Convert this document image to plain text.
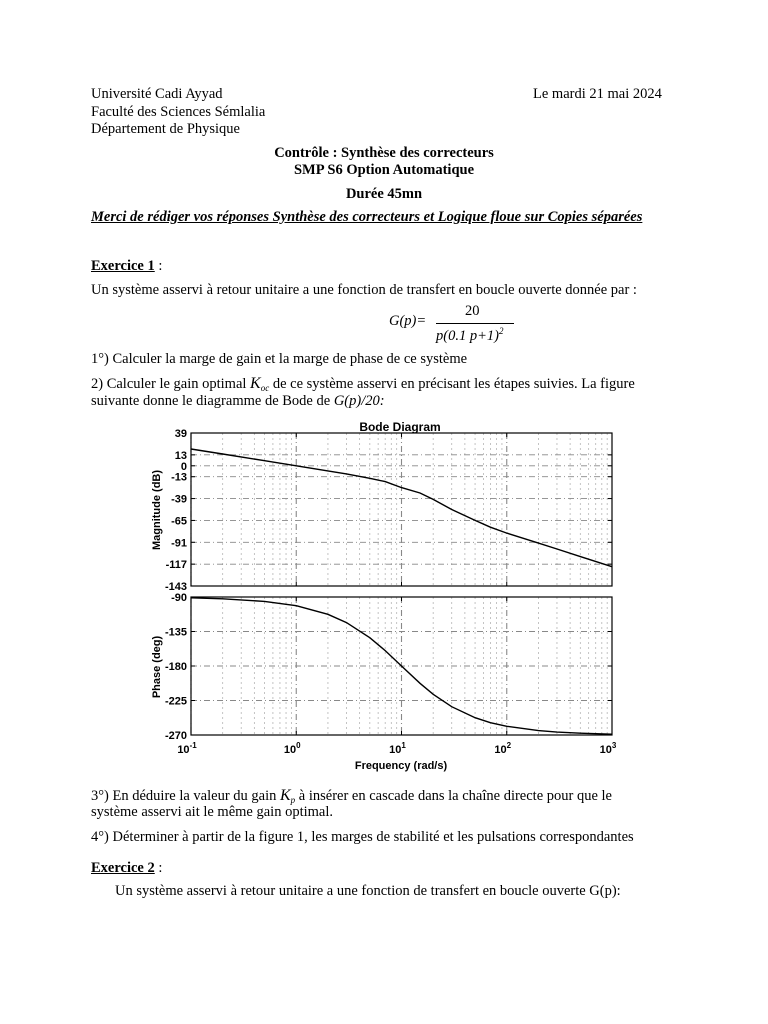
Université Cadi Ayyad
Faculté des Sciences Sémlalia
Département de Physique
Le mardi 21 mai 2024
Contrôle : Synthèse des correcteurs
SMP S6 Option Automatique
Durée 45mn
Merci de rédiger vos réponses Synthèse des correcteurs et Logique floue sur Copies séparées
Exercice 1 :
Un système asservi à retour unitaire a une fonction de transfert en boucle ouverte donnée par :
G(p)=
20
p(0.1 p+1)$^2$
1°) Calculer la marge de gain et la marge de phase de ce système
2) Calculer le gain optimal $K_{oc}$ de ce système asservi en précisant les étapes suivies. La figure
suivante donne le diagramme de Bode de G(p)/20:
Bode Diagram
39
13
0
-13
-39
-65
-91
-117
-143
-90
-135
-180
-225
-270
$10^{-1}$	$10^0$	$10^1$	$10^2$	$10^3$
Magnitude (dB)
Phase (deg)
Frequency (rad/s)
3°) En déduire la valeur du gain $K_p$ à insérer en cascade dans la chaîne directe pour que le
système asservi ait le même gain optimal.
4°) Déterminer à partir de la figure 1, les marges de stabilité et les pulsations correspondantes
Exercice 2 :
Un système asservi à retour unitaire a une fonction de transfert en boucle ouverte G(p):
